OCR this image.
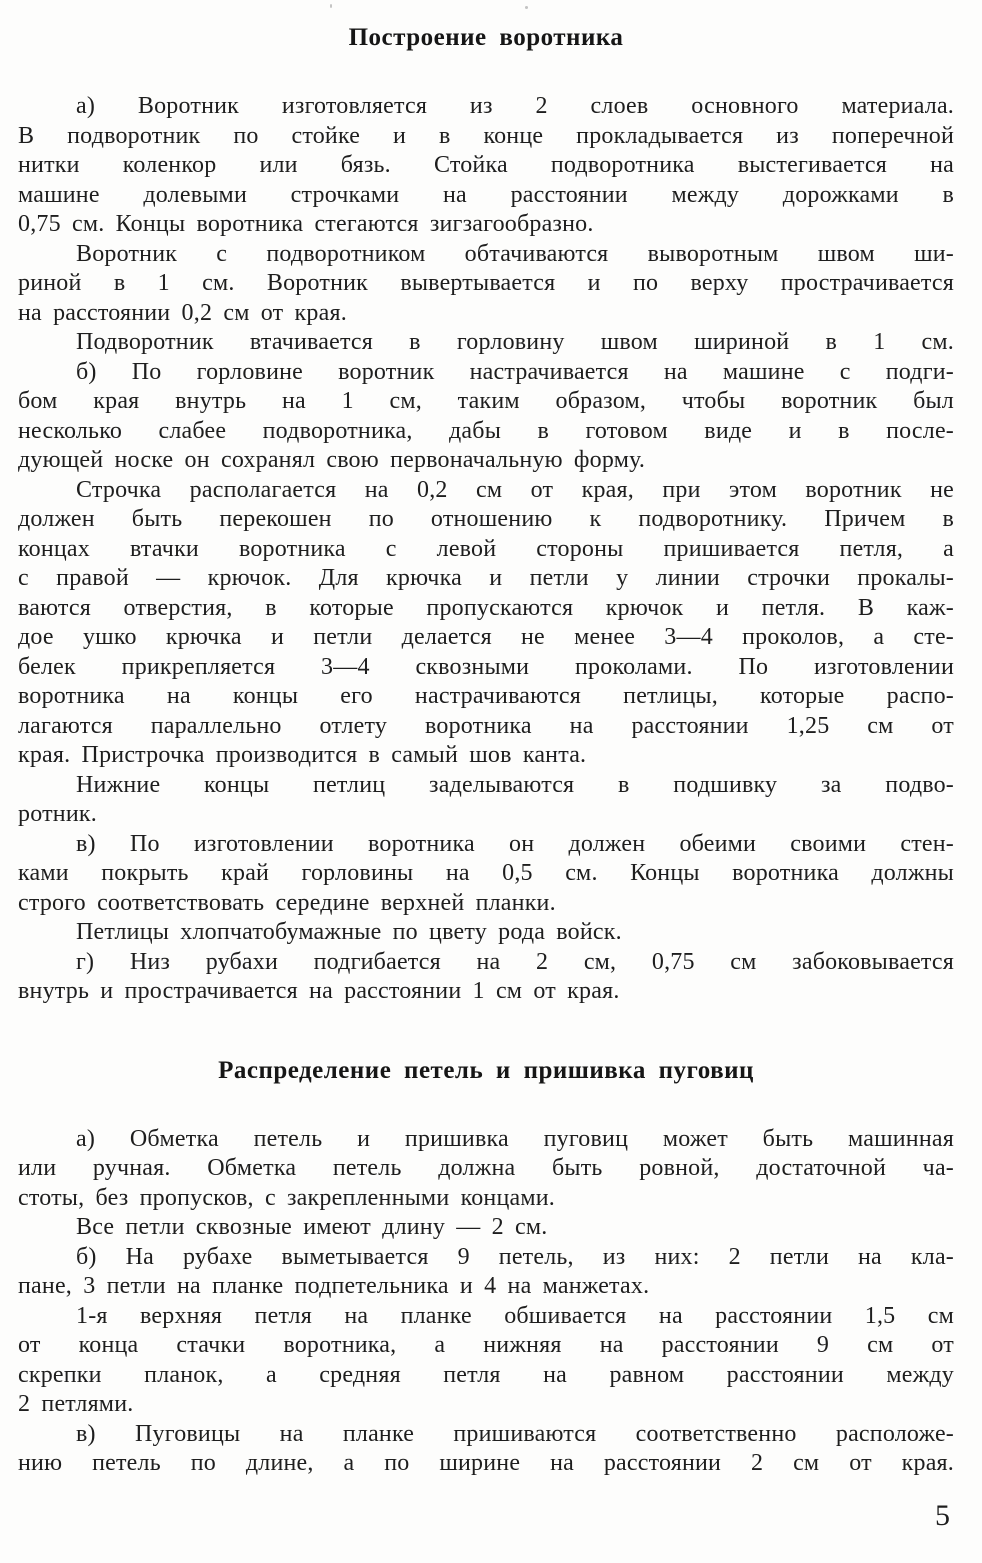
Построение воротника
а) Воротник изготовляется из 2 слоев основного материала.
В подворотник по стойке и в конце прокладывается из поперечной
нитки коленкор или бязь. Стойка подворотника выстегивается на
машине долевыми строчками на расстоянии между дорожками в
0,75 см. Концы воротника стегаются зигзагообразно.
Воротник с подворотником обтачиваются выворотным швом ши-
риной в 1 см. Воротник вывертывается и по верху прострачивается
на расстоянии 0,2 см от края.
Подворотник втачивается в горловину швом шириной в 1 см.
б) По горловине воротник настрачивается на машине с подги-
бом края внутрь на 1 см, таким образом, чтобы воротник был
несколько слабее подворотника, дабы в готовом виде и в после-
дующей носке он сохранял свою первоначальную форму.
Строчка располагается на 0,2 см от края, при этом воротник не
должен быть перекошен по отношению к подворотнику. Причем в
концах втачки воротника с левой стороны пришивается петля, а
с правой — крючок. Для крючка и петли у линии строчки прокалы-
ваются отверстия, в которые пропускаются крючок и петля. В каж-
дое ушко крючка и петли делается не менее 3—4 проколов, а сте-
белек прикрепляется 3—4 сквозными проколами. По изготовлении
воротника на концы его настрачиваются петлицы, которые распо-
лагаются параллельно отлету воротника на расстоянии 1,25 см от
края. Пристрочка производится в самый шов канта.
Нижние концы петлиц заделываются в подшивку за подво-
ротник.
в) По изготовлении воротника он должен обеими своими стен-
ками покрыть край горловины на 0,5 см. Концы воротника должны
строго соответствовать середине верхней планки.
Петлицы хлопчатобумажные по цвету рода войск.
г) Низ рубахи подгибается на 2 см, 0,75 см забоковывается
внутрь и прострачивается на расстоянии 1 см от края.
Распределение петель и пришивка пуговиц
а) Обметка петель и пришивка пуговиц может быть машинная
или ручная. Обметка петель должна быть ровной, достаточной ча-
стоты, без пропусков, с закрепленными концами.
Все петли сквозные имеют длину — 2 см.
б) На рубахе выметывается 9 петель, из них: 2 петли на кла-
пане, 3 петли на планке подпетельника и 4 на манжетах.
1-я верхняя петля на планке обшивается на расстоянии 1,5 см
от конца стачки воротника, а нижняя на расстоянии 9 см от
скрепки планок, а средняя петля на равном расстоянии между
2 петлями.
в) Пуговицы на планке пришиваются соответственно расположе-
нию петель по длине, а по ширине на расстоянии 2 см от края.
5
